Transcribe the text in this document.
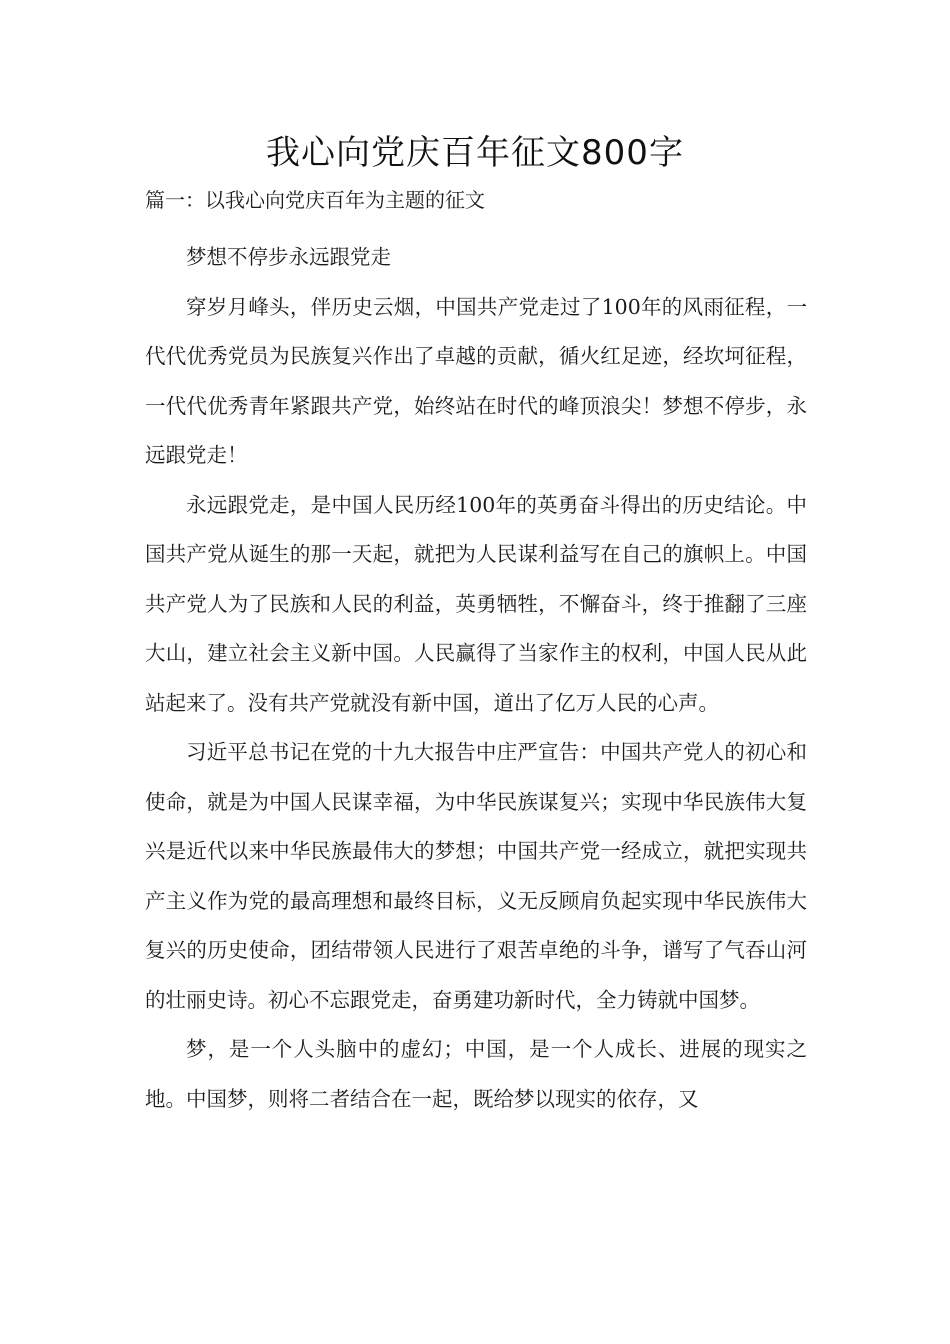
我心向党庆百年征文800字
篇一：以我心向党庆百年为主题的征文

梦想不停步永远跟党走

穿岁月峰头，伴历史云烟，中国共产党走过了100年的风雨征程，一代代优秀党员为民族复兴作出了卓越的贡献，循火红足迹，经坎坷征程，一代代优秀青年紧跟共产党，始终站在时代的峰顶浪尖！梦想不停步，永远跟党走！

永远跟党走，是中国人民历经100年的英勇奋斗得出的历史结论。中国共产党从诞生的那一天起，就把为人民谋利益写在自己的旗帜上。中国共产党人为了民族和人民的利益，英勇牺牲，不懈奋斗，终于推翻了三座大山，建立社会主义新中国。人民赢得了当家作主的权利，中国人民从此站起来了。没有共产党就没有新中国，道出了亿万人民的心声。

习近平总书记在党的十九大报告中庄严宣告：中国共产党人的初心和使命，就是为中国人民谋幸福，为中华民族谋复兴；实现中华民族伟大复兴是近代以来中华民族最伟大的梦想；中国共产党一经成立，就把实现共产主义作为党的最高理想和最终目标，义无反顾肩负起实现中华民族伟大复兴的历史使命，团结带领人民进行了艰苦卓绝的斗争，谱写了气吞山河的壮丽史诗。初心不忘跟党走，奋勇建功新时代，全力铸就中国梦。

梦，是一个人头脑中的虚幻；中国，是一个人成长、进展的现实之地。中国梦，则将二者结合在一起，既给梦以现实的依存，又
